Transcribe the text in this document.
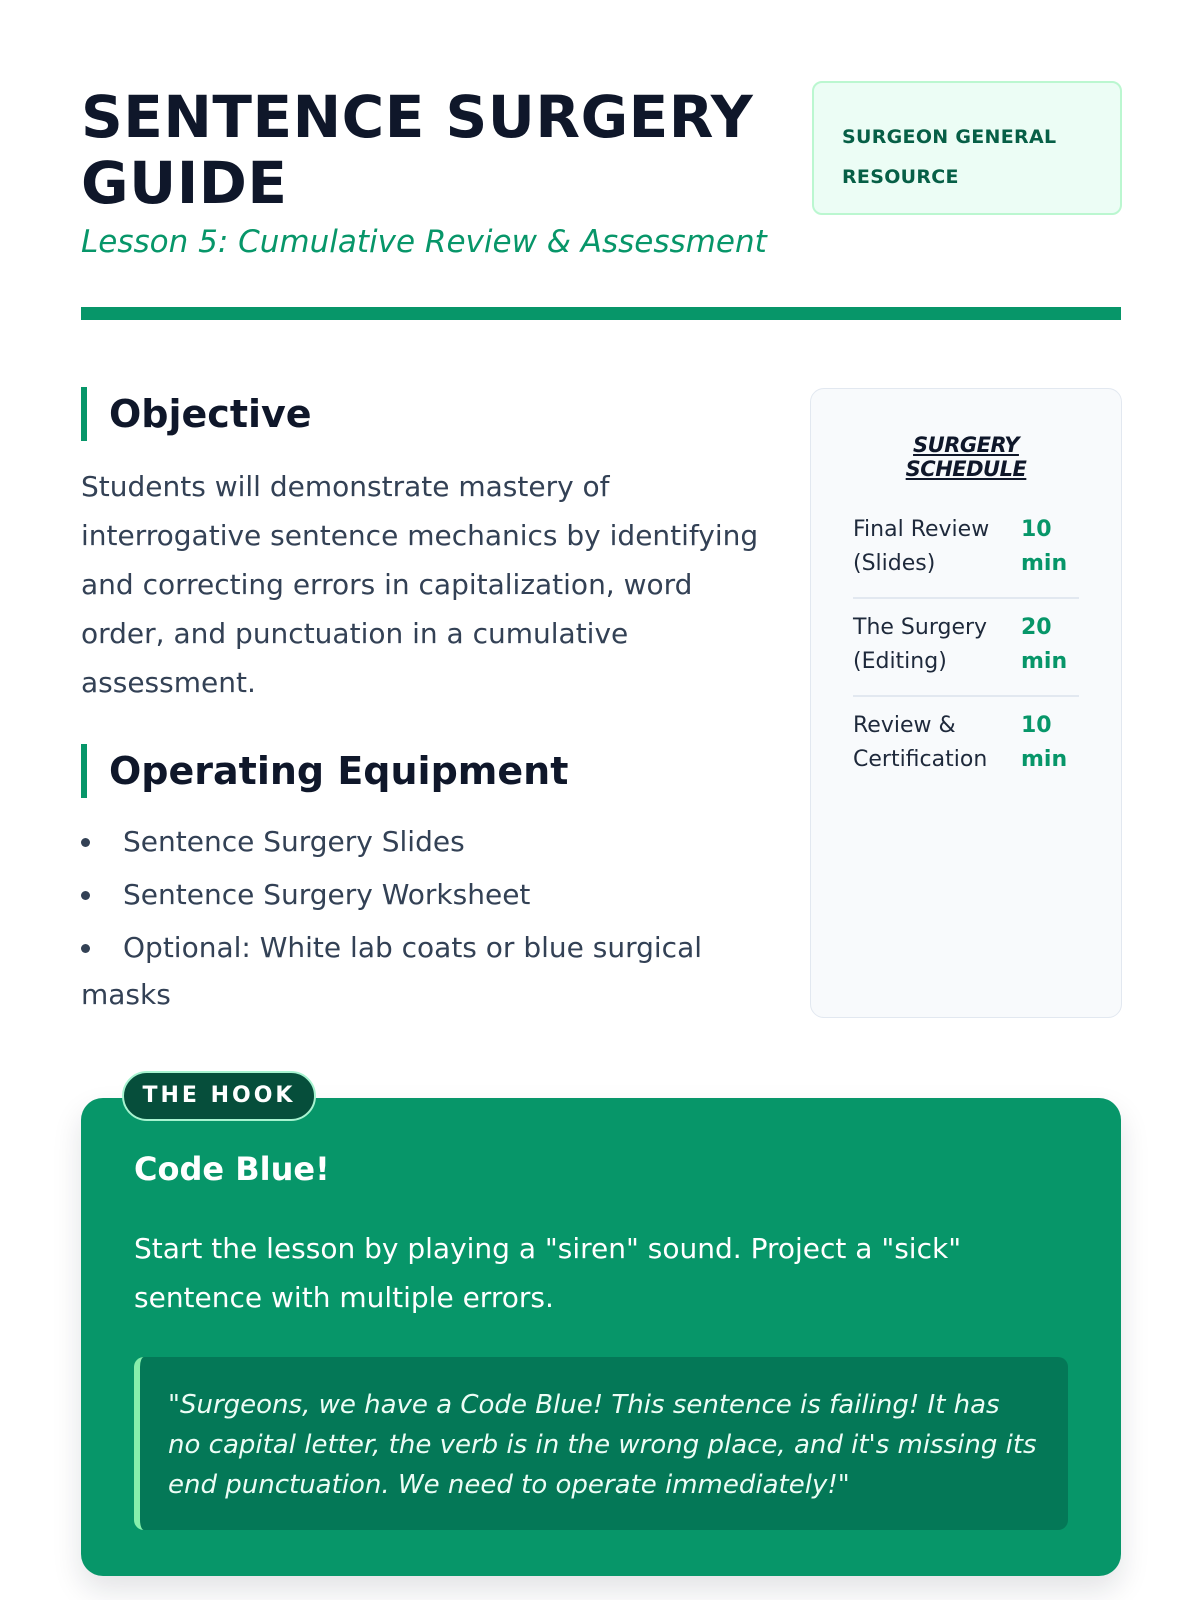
SENTENCE SURGERY GUIDE
Lesson 5: Cumulative Review & Assessment
SURGEON GENERAL RESOURCE
Objective

Students will demonstrate mastery of interrogative sentence mechanics by identifying and correcting errors in capitalization, word order, and punctuation in a cumulative assessment.

Operating Equipment
Sentence Surgery Slides
Sentence Surgery Worksheet
Optional: White lab coats or blue surgical masks
SURGERY SCHEDULE
Final Review (Slides)
10 min
The Surgery (Editing)
20 min
Review & Certification
10 min
THE HOOK
Code Blue!

Start the lesson by playing a "siren" sound. Project a "sick" sentence with multiple errors.

"Surgeons, we have a Code Blue! This sentence is failing! It has no capital letter, the verb is in the wrong place, and it's missing its end punctuation. We need to operate immediately!"
